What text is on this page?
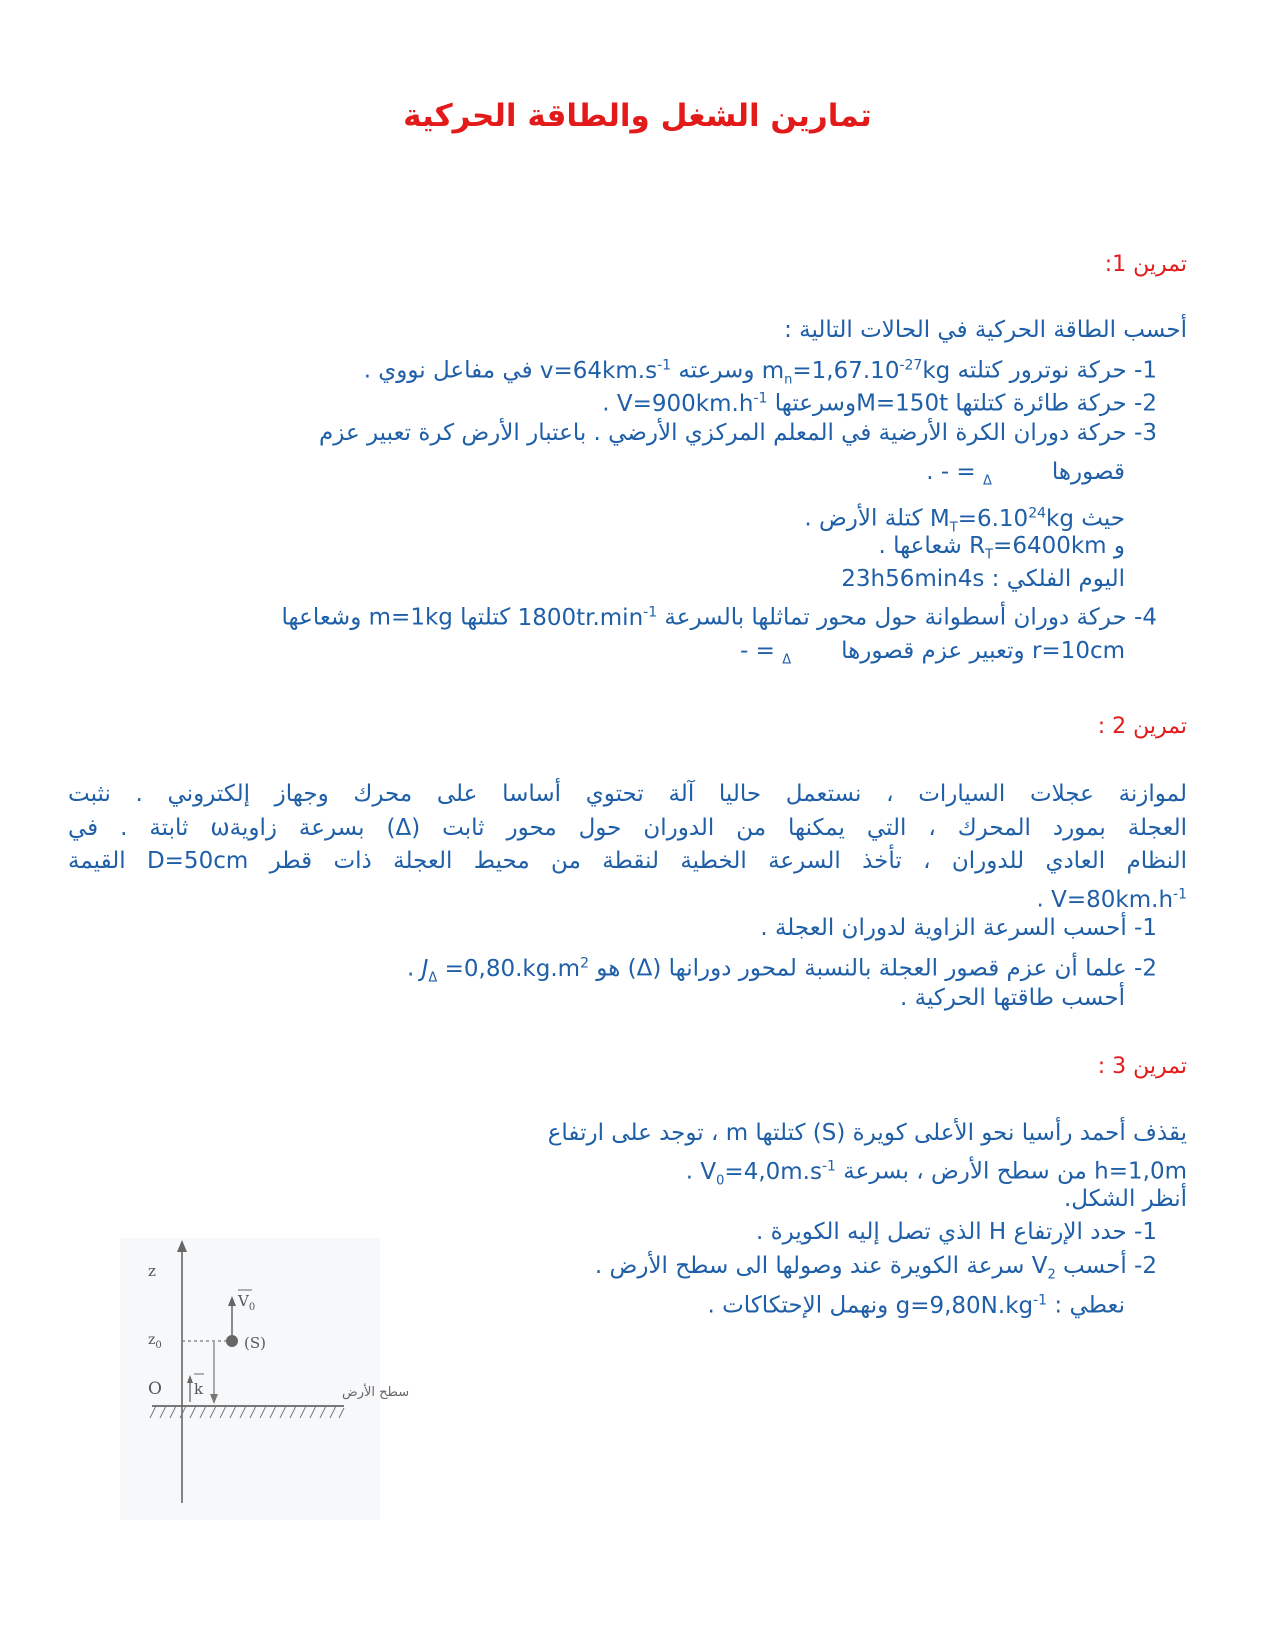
تمارين الشغل والطاقة الحركية
تمرين 1:
أحسب الطاقة الحركية في الحالات التالية :
1- حركة نوترور كتلته $m_n=1,67.10^{-27}kg$ وسرعته $v=64km.s^{-1}$ في مفاعل نووي .
2- حركة طائرة كتلتها M=150tوسرعتها $V=900km.h^{-1}$ .
3- حركة دوران الكرة الأرضية في المعلم المركزي الأرضي . باعتبار الأرض كرة تعبير عزم
قصورها- = $_\Delta$ .
حيث $M_T=6.10^{24}kg$ كتلة الأرض .
و $R_T=6400km$ شعاعها .
اليوم الفلكي : 23h56min4s
4- حركة دوران أسطوانة حول محور تماثلها بالسرعة $1800tr.\min^{-1}$ كتلتها m=1kg وشعاعها
r=10cm وتعبير عزم قصورها- = $_\Delta$
تمرين 2 :
لموازنة عجلات السيارات ، نستعمل حاليا آلة تحتوي أساسا على محرك وجهاز إلكتروني . نثبت
العجلة بمورد المحرك ، التي يمكنها من الدوران حول محور ثابت (Δ) بسرعة زاويةω ثابتة . في
النظام العادي للدوران ، تأخذ السرعة الخطية لنقطة من محيط العجلة ذات قطر D=50cm القيمة
$V=80km.h^{-1}$ .
1- أحسب السرعة الزاوية لدوران العجلة .
2- علما أن عزم قصور العجلة بالنسبة لمحور دورانها (Δ) هو $J_\Delta =0,80.kg.m^2$ .
أحسب طاقتها الحركية .
تمرين 3 :
يقذف أحمد رأسيا نحو الأعلى كويرة (S) كتلتها m ، توجد على ارتفاع
h=1,0m من سطح الأرض ، بسرعة $V_0=4,0m.s^{-1}$ .
أنظر الشكل.
1- حدد الإرتفاع H الذي تصل إليه الكويرة .
2- أحسب $V_2$ سرعة الكويرة عند وصولها الى سطح الأرض .
نعطي : $g=9,80N.kg^{-1}$ ونهمل الإحتكاكات .
z
$z_0$	(S)
$V_0$
O k	سطح الأرض
